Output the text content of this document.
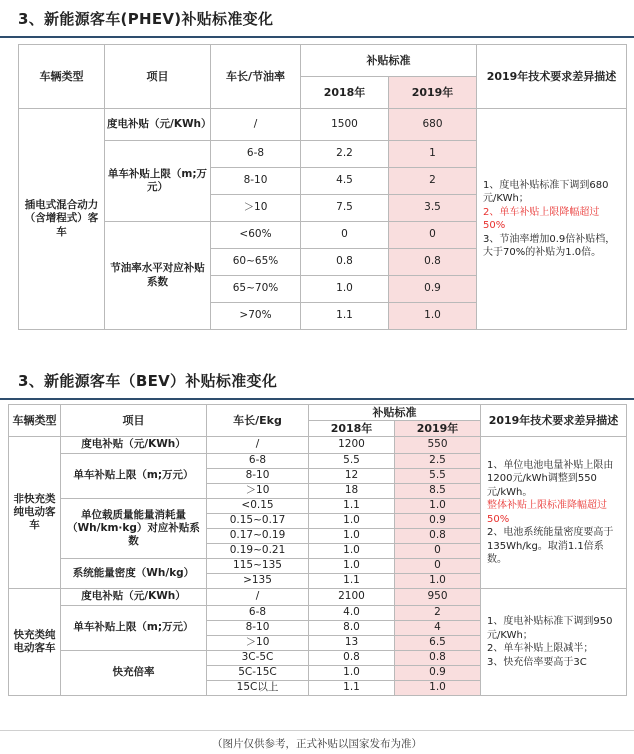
3、新能源客车(PHEV)补贴标准变化
车辆类型	项目	车长/节油率	补贴标准		2019年技术要求差异描述
			2018年	2019年	
插电式混合动力（含增程式）客车	度电补贴（元/KWh）	/	1500	680	1、度电补贴标准下调到680元/KWh；
2、单车补贴上限降幅超过50%
3、节油率增加0.9倍补贴档，大于70%的补贴为1.0倍。

	单车补贴上限（m;万元）	6-8	2.2	1	
		8-10	4.5	2	
		＞10	7.5	3.5	
	节油率水平对应补贴系数	<60%	0	0	
		60~65%	0.8	0.8	
		65~70%	1.0	0.9	
		>70%	1.1	1.0	
3、新能源客车（BEV）补贴标准变化
车辆类型	项目	车长/Ekg	补贴标准		2019年技术要求差异描述
			2018年	2019年	
非快充类纯电动客车	度电补贴（元/KWh）	/	1200	550	1、单位电池电量补贴上限由1200元/kWh调整到550元/kWh。
整体补贴上限标准降幅超过50%
2、电池系统能量密度要高于135Wh/kg。取消1.1倍系数。

	单车补贴上限（m;万元）	6-8	5.5	2.5	
		8-10	12	5.5	
		＞10	18	8.5	
	单位载质量能量消耗量（Wh/km·kg）对应补贴系数	<0.15	1.1	1.0	
		0.15~0.17	1.0	0.9	
		0.17~0.19	1.0	0.8	
		0.19~0.21	1.0	0	
	系统能量密度（Wh/kg）	115~135	1.0	0	
		>135	1.1	1.0	
快充类纯电动客车	度电补贴（元/KWh）	/	2100	950	1、度电补贴标准下调到950元/KWh；
2、单车补贴上限减半；
3、快充倍率要高于3C

	单车补贴上限（m;万元）	6-8	4.0	2	
		8-10	8.0	4	
		＞10	13	6.5	
	快充倍率	3C-5C	0.8	0.8	
		5C-15C	1.0	0.9	
		15C以上	1.1	1.0	
（图片仅供参考，正式补贴以国家发布为准）
